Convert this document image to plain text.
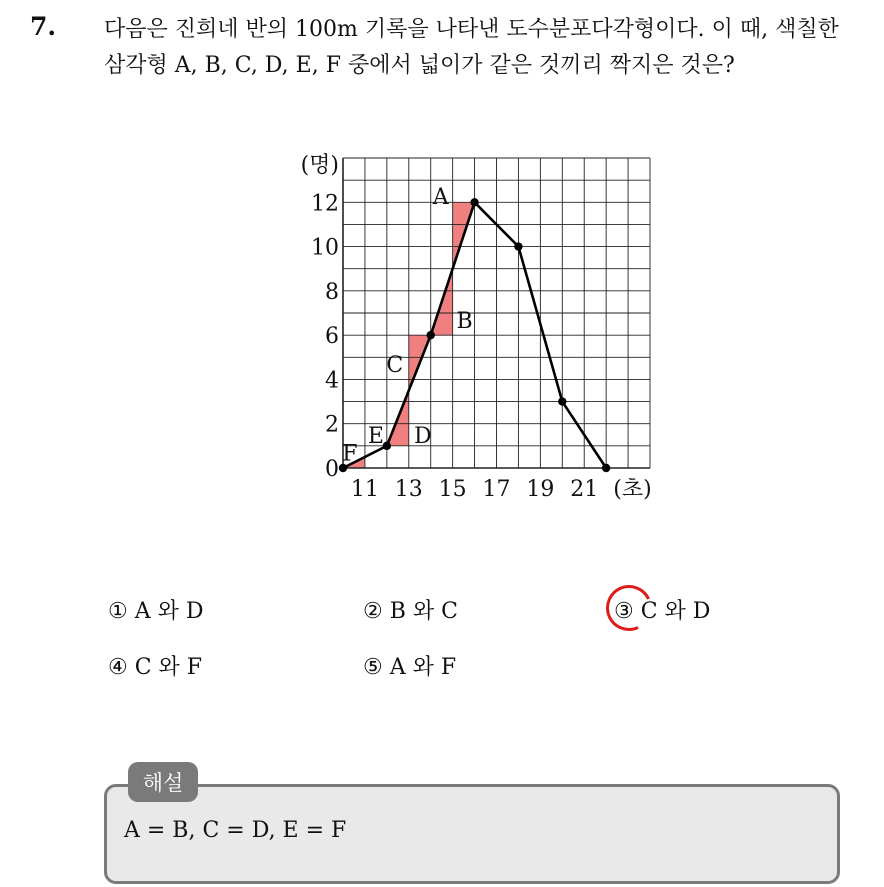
7. 다음은 진희네 반의 100m 기록을 나타낸 도수분포다각형이다. 이 때, 색칠한 삼각형 A, B, C, D, E, F 중에서 넓이가 같은 것끼리 짝지은 것은?
0
2
4
6
8
10
12
(명)
11 13 15 17 19 21 (초)
A
B
C
D
E
F
① A 와 D	② B 와 C	③ C 와 D
④ C 와 F	⑤ A 와 F
해설
A = B, C = D, E = F
